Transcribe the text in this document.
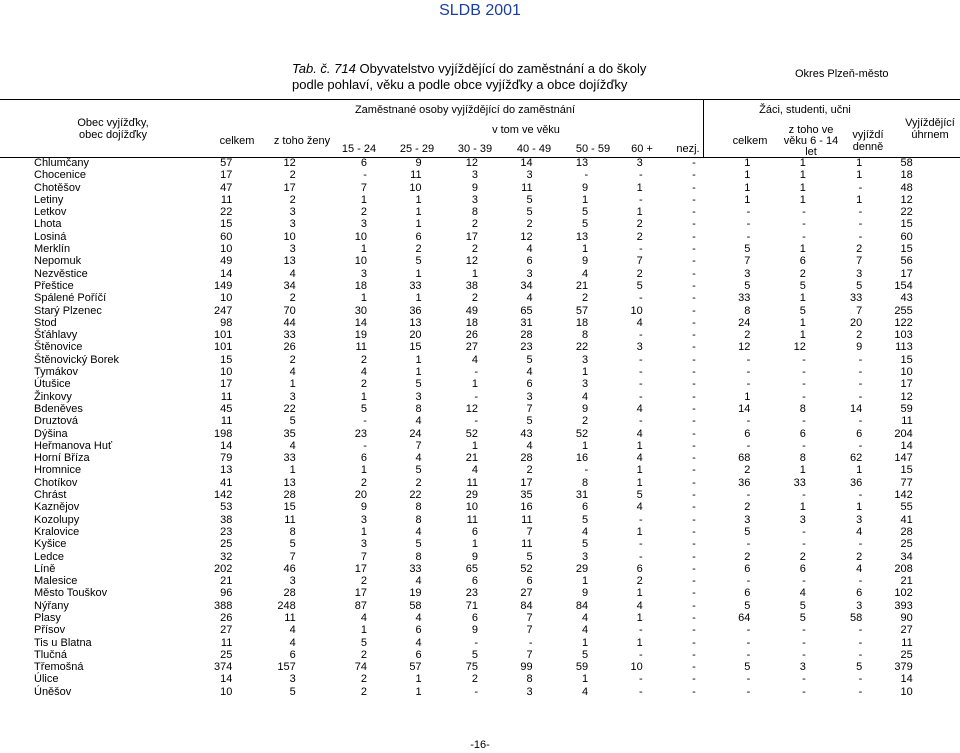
SLDB 2001
Tab. č. 714 Obyvatelstvo vyjíždějící do zaměstnání a do školy
podle pohlaví, věku a podle obce vyjížďky a obce dojížďky
Okres Plzeň-město
Obec vyjížďky,
obec dojížďky
Zaměstnané osoby vyjíždějící do zaměstnání	Žáci, studenti, učni
Vyjíždějící
úhrnem
v tom ve věku
celkem z toho ženy	celkem
z toho ve
věku 6 - 14
let
vyjíždí
denně
15 - 24 25 - 29 30 - 39 40 - 49 50 - 59 60 + nezj.
Chlumčany	57	12	6	9	12	14	13	3	-	1	1	1	58
Chocenice	17	2	-	11	3	3	-	-	-	1	1	1	18
Chotěšov	47	17	7	10	9	11	9	1	-	1	1	-	48
Letiny	11	2	1	1	3	5	1	-	-	1	1	1	12
Letkov	22	3	2	1	8	5	5	1	-	-	-	-	22
Lhota	15	3	3	1	2	2	5	2	-	-	-	-	15
Losiná	60	10	10	6	17	12	13	2	-	-	-	-	60
Merklín	10	3	1	2	2	4	1	-	-	5	1	2	15
Nepomuk	49	13	10	5	12	6	9	7	-	7	6	7	56
Nezvěstice	14	4	3	1	1	3	4	2	-	3	2	3	17
Přeštice	149	34	18	33	38	34	21	5	-	5	5	5	154
Spálené Poříčí	10	2	1	1	2	4	2	-	-	33	1	33	43
Starý Plzenec	247	70	30	36	49	65	57	10	-	8	5	7	255
Stod	98	44	14	13	18	31	18	4	-	24	1	20	122
Šťáhlavy	101	33	19	20	26	28	8	-	-	2	1	2	103
Štěnovice	101	26	11	15	27	23	22	3	-	12	12	9	113
Štěnovický Borek	15	2	2	1	4	5	3	-	-	-	-	-	15
Tymákov	10	4	4	1	-	4	1	-	-	-	-	-	10
Útušice	17	1	2	5	1	6	3	-	-	-	-	-	17
Žinkovy	11	3	1	3	-	3	4	-	-	1	-	-	12
Bdeněves	45	22	5	8	12	7	9	4	-	14	8	14	59
Druztová	11	5	-	4	-	5	2	-	-	-	-	-	11
Dýšina	198	35	23	24	52	43	52	4	-	6	6	6	204
Heřmanova Huť	14	4	-	7	1	4	1	1	-	-	-	-	14
Horní Bříza	79	33	6	4	21	28	16	4	-	68	8	62	147
Hromnice	13	1	1	5	4	2	-	1	-	2	1	1	15
Chotíkov	41	13	2	2	11	17	8	1	-	36	33	36	77
Chrást	142	28	20	22	29	35	31	5	-	-	-	-	142
Kaznějov	53	15	9	8	10	16	6	4	-	2	1	1	55
Kozolupy	38	11	3	8	11	11	5	-	-	3	3	3	41
Kralovice	23	8	1	4	6	7	4	1	-	5	-	4	28
Kyšice	25	5	3	5	1	11	5	-	-	-	-	-	25
Ledce	32	7	7	8	9	5	3	-	-	2	2	2	34
Líně	202	46	17	33	65	52	29	6	-	6	6	4	208
Malesice	21	3	2	4	6	6	1	2	-	-	-	-	21
Město Touškov	96	28	17	19	23	27	9	1	-	6	4	6	102
Nýřany	388	248	87	58	71	84	84	4	-	5	5	3	393
Plasy	26	11	4	4	6	7	4	1	-	64	5	58	90
Přísov	27	4	1	6	9	7	4	-	-	-	-	-	27
Tis u Blatna	11	4	5	4	-	-	1	1	-	-	-	-	11
Tlučná	25	6	2	6	5	7	5	-	-	-	-	-	25
Třemošná	374	157	74	57	75	99	59	10	-	5	3	5	379
Úlice	14	3	2	1	2	8	1	-	-	-	-	-	14
Úněšov	10	5	2	1	-	3	4	-	-	-	-	-	10
-16-
